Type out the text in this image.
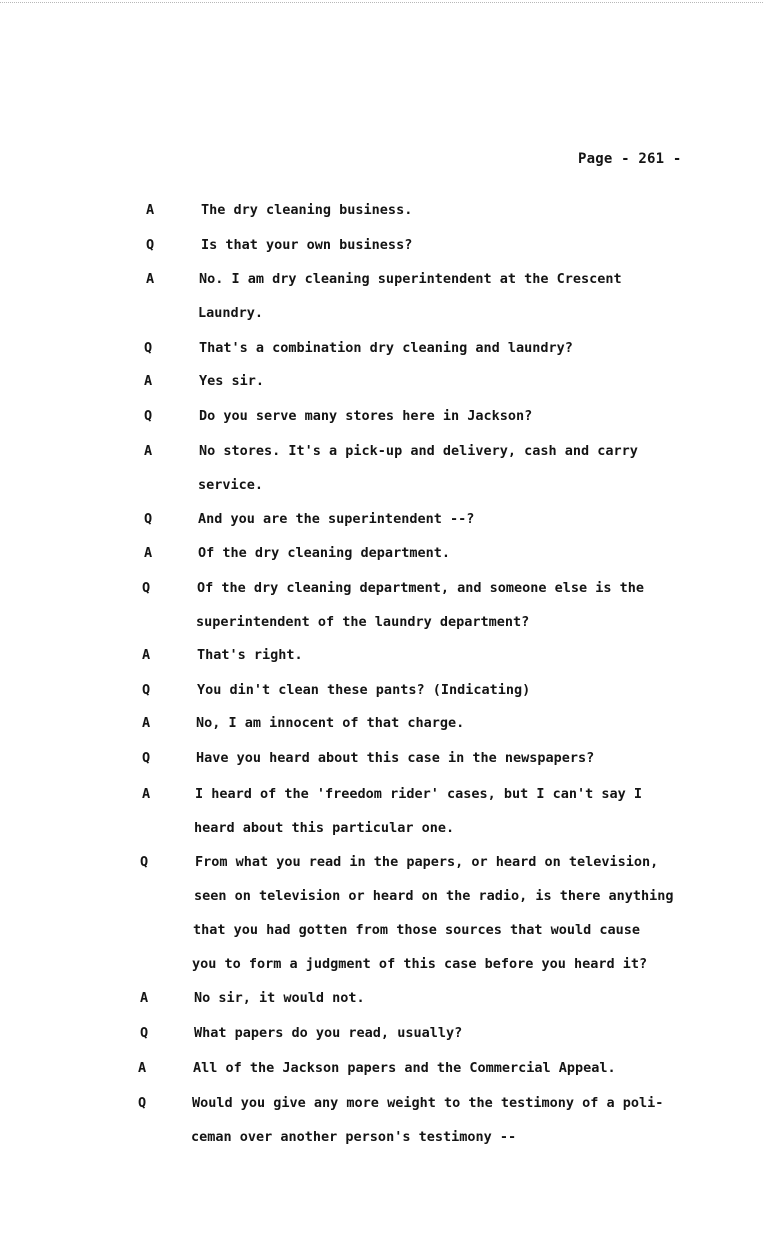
Page - 261 -
A	The dry cleaning business.
Q	Is that your own business?
A	No. I am dry cleaning superintendent at the Crescent
Laundry.
Q	That's a combination dry cleaning and laundry?
A	Yes sir.
Q	Do you serve many stores here in Jackson?
A	No stores. It's a pick-up and delivery, cash and carry
service.
Q	And you are the superintendent --?
A	Of the dry cleaning department.
Q	Of the dry cleaning department, and someone else is the
superintendent of the laundry department?
A	That's right.
Q	You din't clean these pants? (Indicating)
A	No, I am innocent of that charge.
Q	Have you heard about this case in the newspapers?
A	I heard of the 'freedom rider' cases, but I can't say I
heard about this particular one.
Q	From what you read in the papers, or heard on television,
seen on television or heard on the radio, is there anything
that you had gotten from those sources that would cause
you to form a judgment of this case before you heard it?
A	No sir, it would not.
Q	What papers do you read, usually?
A	All of the Jackson papers and the Commercial Appeal.
Q	Would you give any more weight to the testimony of a poli-
ceman over another person's testimony --
